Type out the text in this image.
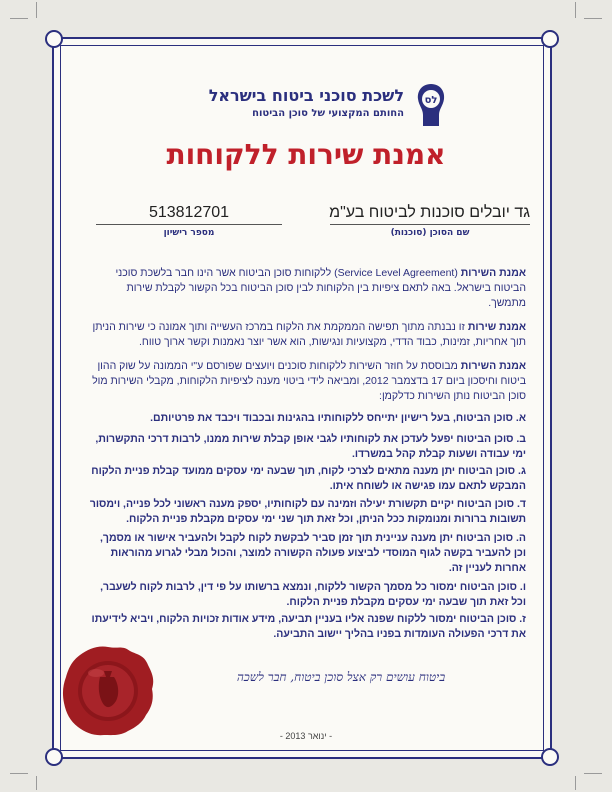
לס
לשכת סוכני ביטוח בישראל
החותם המקצועי של סוכן הביטוח
אמנת שירות ללקוחות
גד יובלים סוכנות לביטוח בע"מ
שם הסוכן (סוכנות)
513812701
מספר רישיון

אמנת השירות (Service Level Agreement) ללקוחות סוכן הביטוח אשר הינו חבר בלשכת סוכני הביטוח בישראל. באה לתאם ציפיות בין הלקוחות לבין סוכן הביטוח בכל הקשור לקבלת שירות מתמשך.

אמנת שירות זו נבנתה מתוך תפישה הממקמת את הלקוח במרכז העשייה ותוך אמונה כי שירות הניתן תוך אחריות, זמינות, כבוד הדדי, מקצועיות ונגישות, הוא אשר יוצר נאמנות וקשר ארוך טווח.

אמנת השירות מבוססת על חוזר השירות ללקוחות סוכנים ויועצים שפורסם ע"י הממונה על שוק ההון ביטוח וחיסכון ביום 17 בדצמבר 2012, ומביאה לידי ביטוי מענה לציפיות הלקוחות, מקבלי השירות מול סוכן הביטוח נותן השירות כדלקמן:

א. סוכן הביטוח, בעל רישיון יתייחס ללקוחותיו בהגינות ובכבוד ויכבד את פרטיותם.

ב. סוכן הביטוח יפעל לעדכן את לקוחותיו לגבי אופן קבלת שירות ממנו, לרבות דרכי התקשרות, ימי עבודה ושעות קבלת קהל במשרדו.

ג. סוכן הביטוח יתן מענה מתאים לצרכי לקוח, תוך שבעה ימי עסקים ממועד קבלת פניית הלקוח המבקש לתאם עמו פגישה או לשוחח איתו.

ד. סוכן הביטוח יקיים תקשורת יעילה וזמינה עם לקוחותיו, יספק מענה ראשוני לכל פנייה, וימסור תשובות ברורות ומנומקות ככל הניתן, וכל זאת תוך שני ימי עסקים מקבלת פניית הלקוח.

ה. סוכן הביטוח יתן מענה עניינית תוך זמן סביר לבקשת לקוח לקבל ולהעביר אישור או מסמך, וכן להעביר בקשה לגוף המוסדי לביצוע פעולה הקשורה למוצר, והכול מבלי לגרוע מהוראות אחרות לעניין זה.

ו. סוכן הביטוח ימסור כל מסמך הקשור ללקוח, ונמצא ברשותו על פי דין, לרבות לקוח לשעבר, וכל זאת תוך שבעה ימי עסקים מקבלת פניית הלקוח.

ז. סוכן הביטוח ימסור ללקוח שפנה אליו בעניין תביעה, מידע אודות זכויות הלקוח, ויביא לידיעתו את דרכי הפעולה העומדות בפניו בהליך יישוב התביעה.

ביטוח עושים רק אצל סוכן ביטוח, חבר לשכה
- ינואר 2013 -
